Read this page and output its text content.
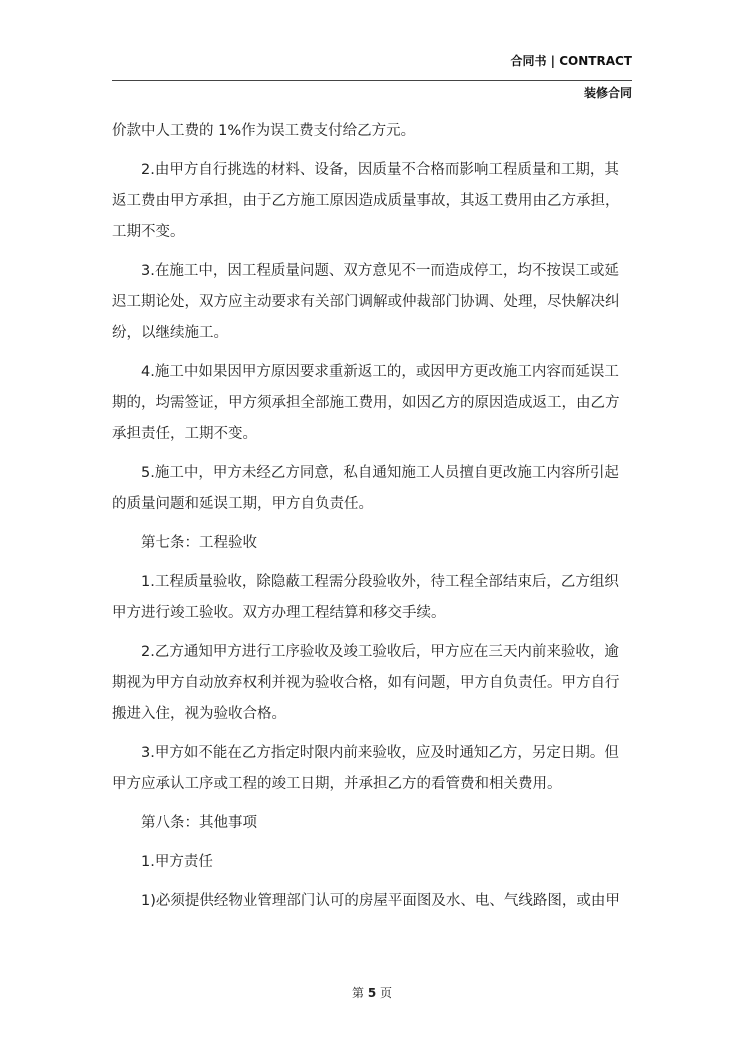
合同书 | CONTRACT
装修合同

价款中人工费的 1%作为误工费支付给乙方元。

2.由甲方自行挑选的材料、设备，因质量不合格而影响工程质量和工期，其返工费由甲方承担，由于乙方施工原因造成质量事故，其返工费用由乙方承担，工期不变。

3.在施工中，因工程质量问题、双方意见不一而造成停工，均不按误工或延迟工期论处，双方应主动要求有关部门调解或仲裁部门协调、处理，尽快解决纠纷，以继续施工。

4.施工中如果因甲方原因要求重新返工的，或因甲方更改施工内容而延误工期的，均需签证，甲方须承担全部施工费用，如因乙方的原因造成返工，由乙方承担责任，工期不变。

5.施工中，甲方未经乙方同意，私自通知施工人员擅自更改施工内容所引起的质量问题和延误工期，甲方自负责任。

第七条：工程验收

1.工程质量验收，除隐蔽工程需分段验收外，待工程全部结束后，乙方组织甲方进行竣工验收。双方办理工程结算和移交手续。

2.乙方通知甲方进行工序验收及竣工验收后，甲方应在三天内前来验收，逾期视为甲方自动放弃权利并视为验收合格，如有问题，甲方自负责任。甲方自行搬进入住，视为验收合格。

3.甲方如不能在乙方指定时限内前来验收，应及时通知乙方，另定日期。但甲方应承认工序或工程的竣工日期，并承担乙方的看管费和相关费用。

第八条：其他事项

1.甲方责任

1)必须提供经物业管理部门认可的房屋平面图及水、电、气线路图，或由甲

第 5 页
